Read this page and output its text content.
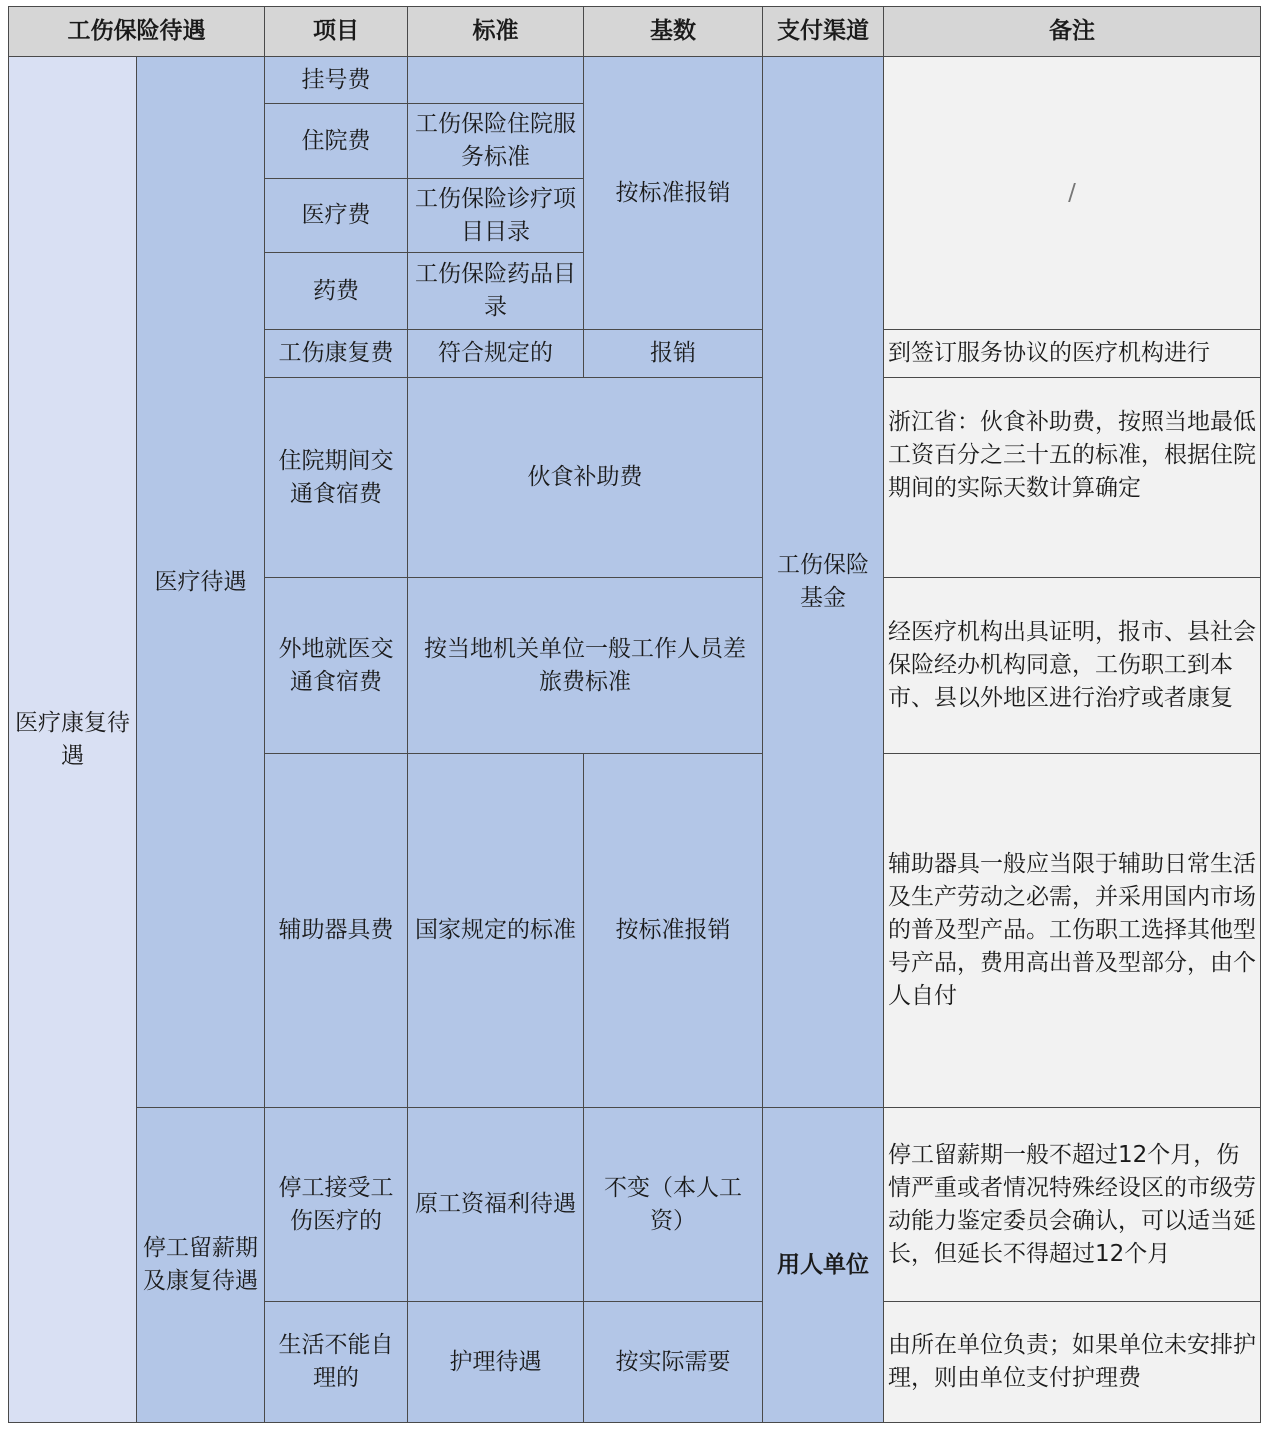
工伤保险待遇		项目	标准	基数	支付渠道	备注
医疗康复待遇	医疗待遇	挂号费		按标准报销	工伤保险基金	/
		住院费	工伤保险住院服务标准			
		医疗费	工伤保险诊疗项目目录			
		药费	工伤保险药品目录			
		工伤康复费	符合规定的	报销		到签订服务协议的医疗机构进行
		住院期间交通食宿费	伙食补助费			浙江省：伙食补助费，按照当地最低工资百分之三十五的标准，根据住院期间的实际天数计算确定
		外地就医交通食宿费	按当地机关单位一般工作人员差旅费标准			经医疗机构出具证明，报市、县社会保险经办机构同意，工伤职工到本市、县以外地区进行治疗或者康复
		辅助器具费	国家规定的标准	按标准报销		辅助器具一般应当限于辅助日常生活及生产劳动之必需，并采用国内市场的普及型产品。工伤职工选择其他型号产品，费用高出普及型部分，由个人自付
	停工留薪期及康复待遇	停工接受工伤医疗的	原工资福利待遇	不变（本人工资）	用人单位	停工留薪期一般不超过12个月，伤情严重或者情况特殊经设区的市级劳动能力鉴定委员会确认，可以适当延长，但延长不得超过12个月
		生活不能自理的	护理待遇	按实际需要		由所在单位负责；如果单位未安排护理，则由单位支付护理费
